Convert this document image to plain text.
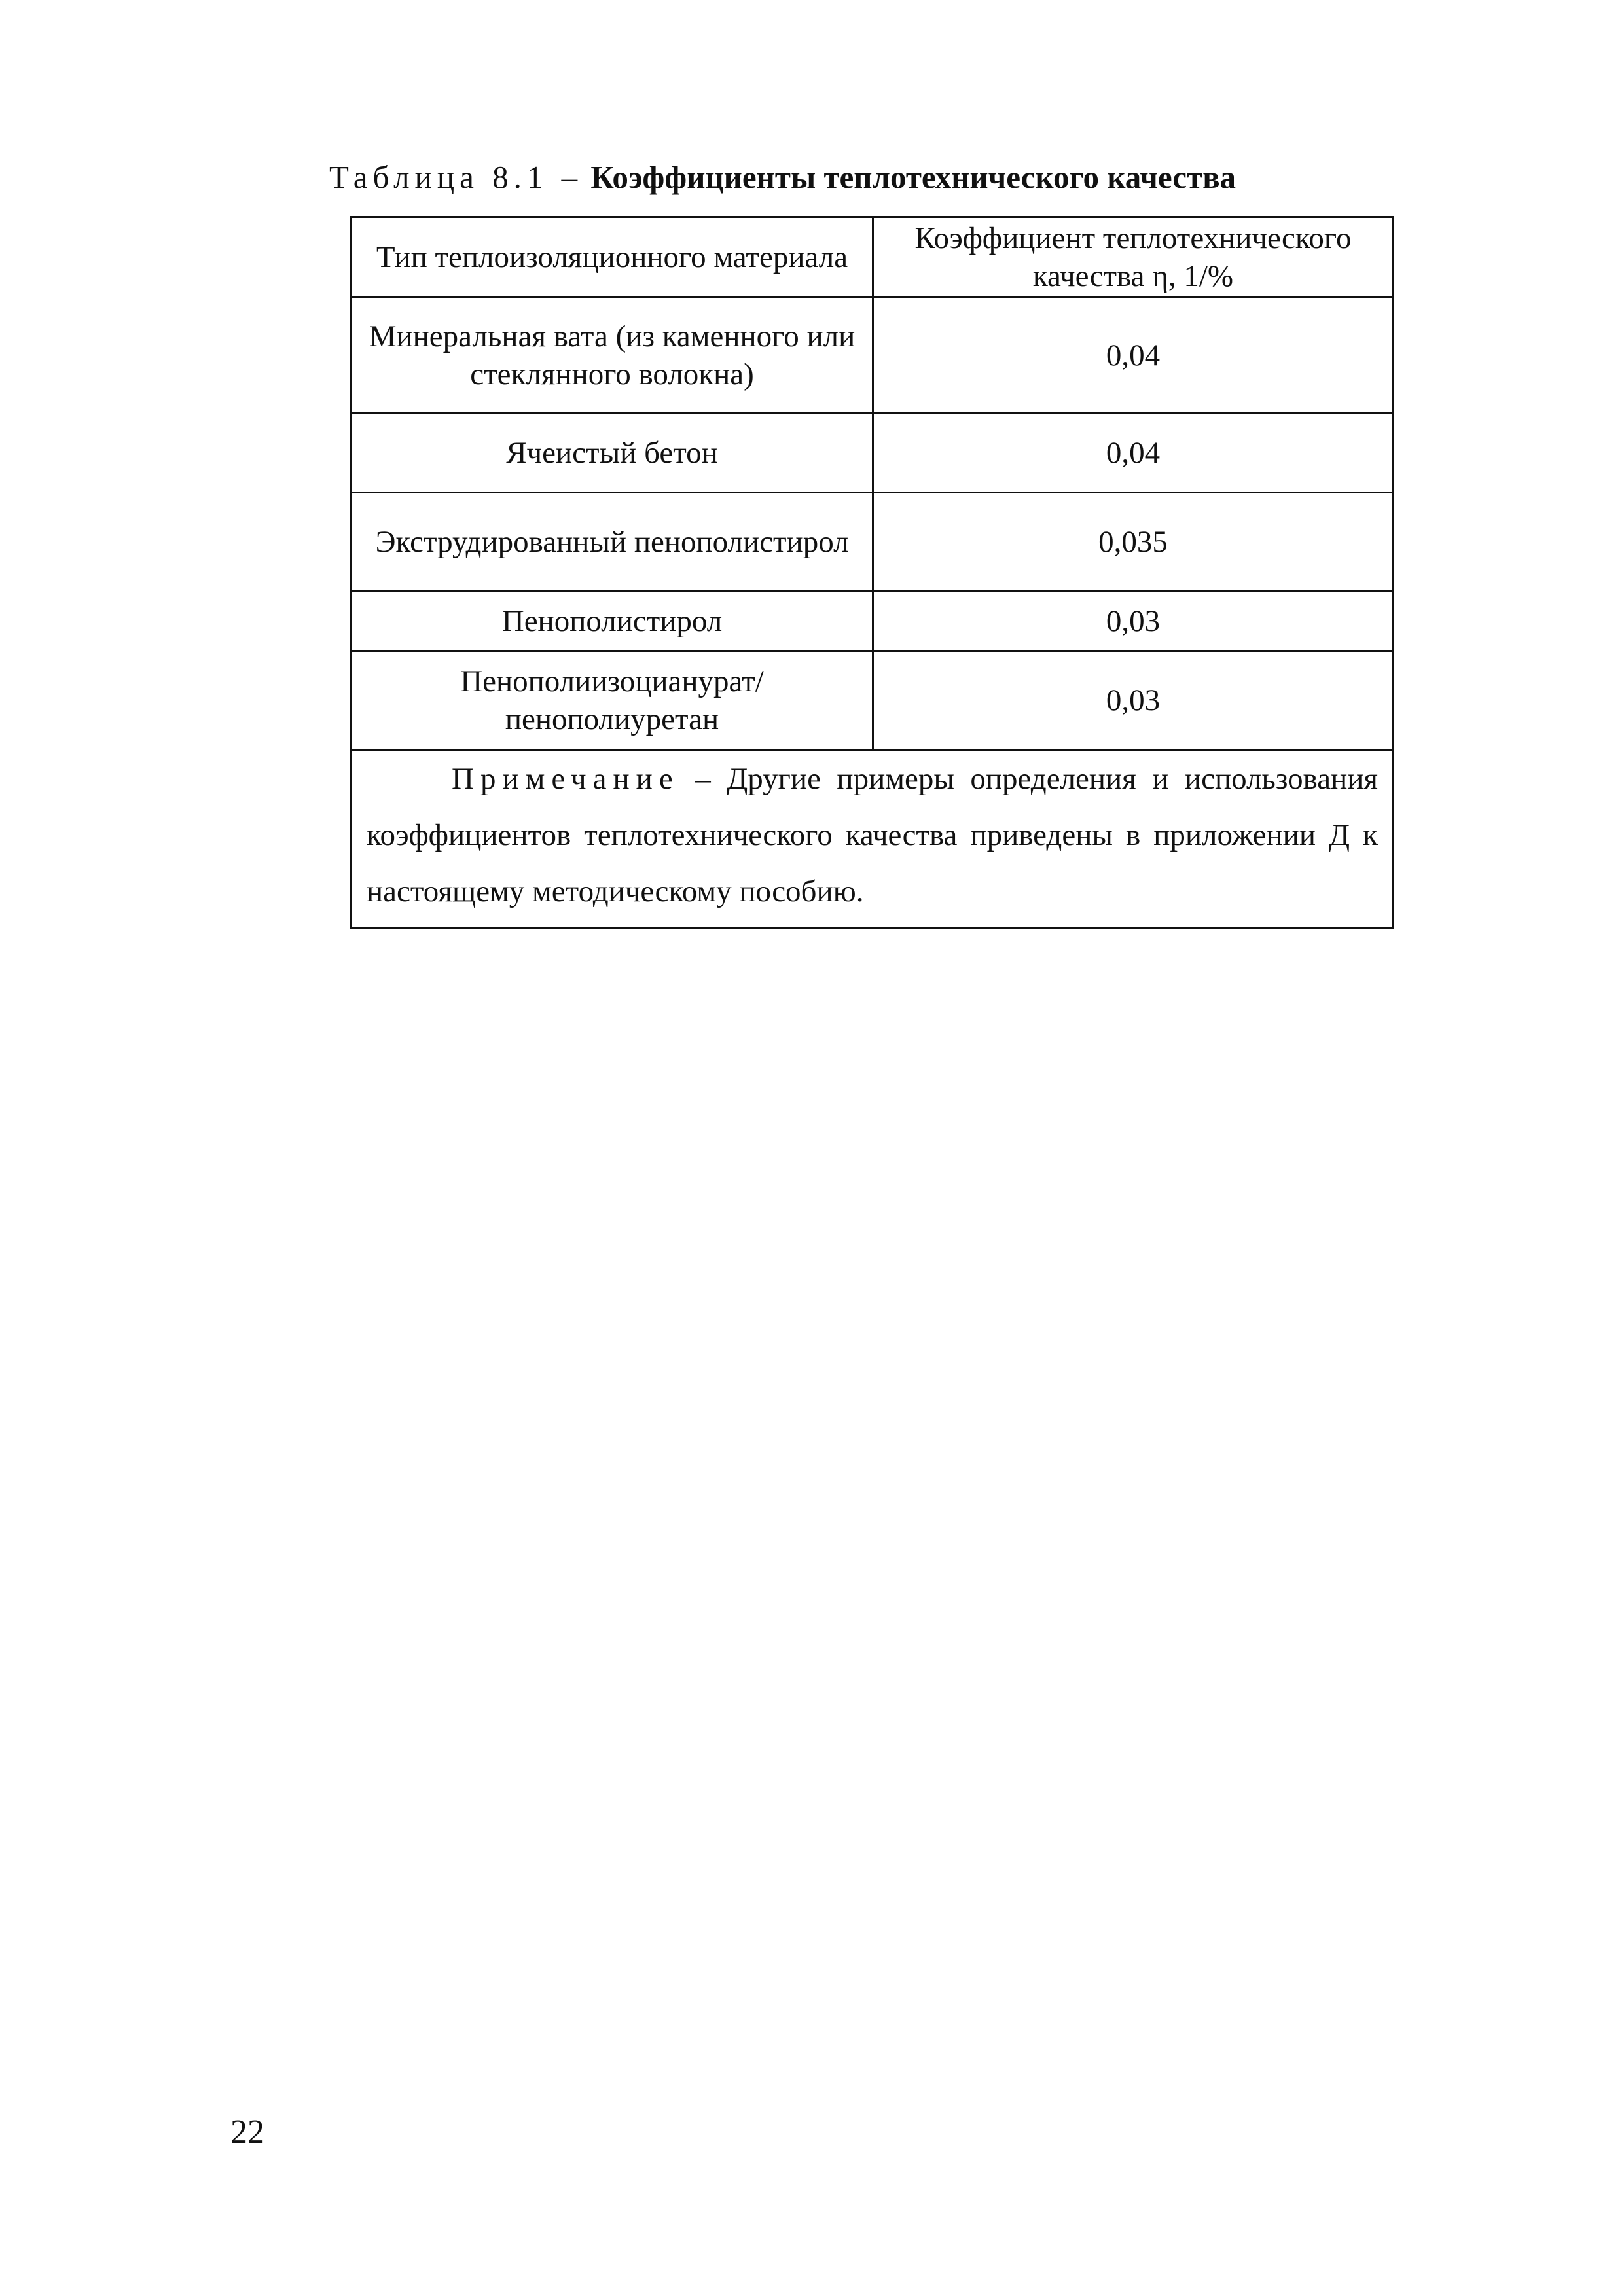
Таблица 8.1 – Коэффициенты теплотехнического качества
Тип теплоизоляционного материала	Коэффициент теплотехнического качества η, 1/%
Минеральная вата (из каменного или стеклянного волокна)	0,04
Ячеистый бетон	0,04
Экструдированный пенополистирол	0,035
Пенополистирол	0,03
Пенополиизоцианурат/ пенополиуретан	0,03
Примечание – Другие примеры определения и использования коэффициентов теплотехнического качества приведены в приложении Д к настоящему методическому пособию.	
22
